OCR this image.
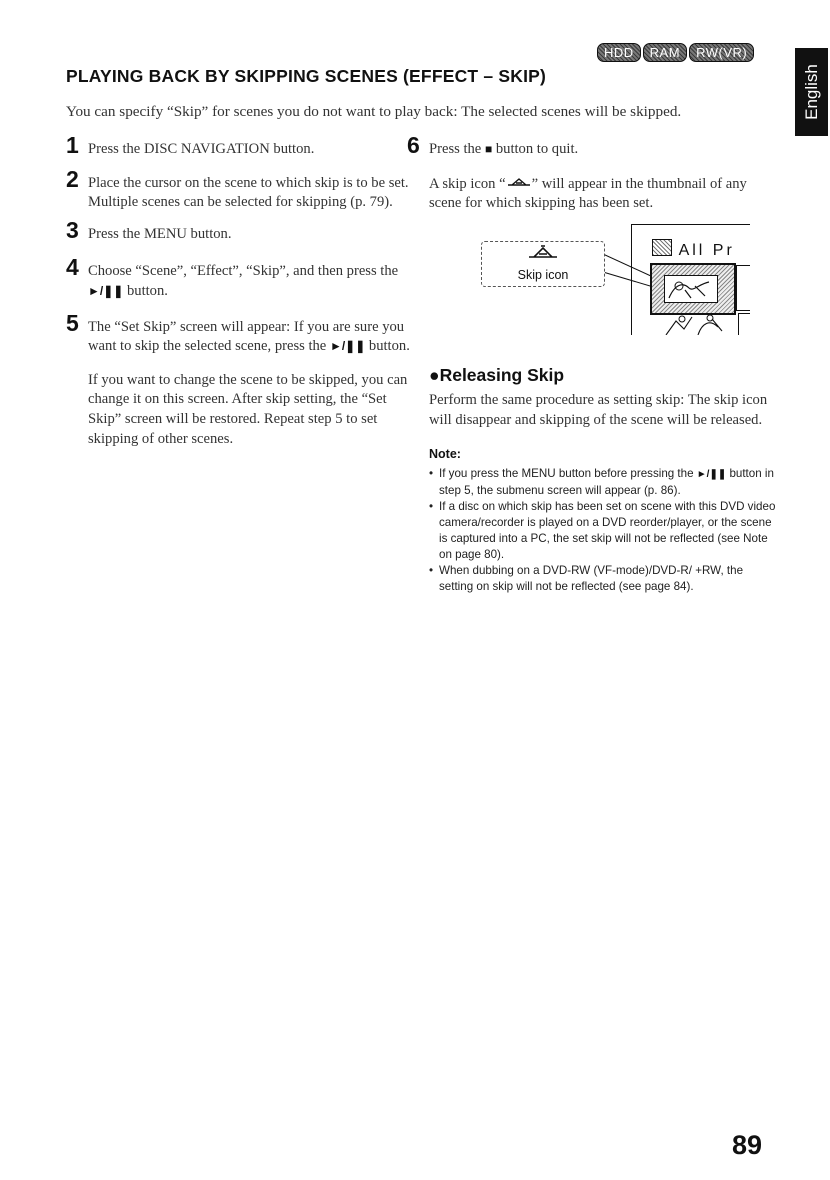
HDD	RAM	RW(VR)
English
PLAYING BACK BY SKIPPING SCENES (EFFECT – SKIP)

You can specify “Skip” for scenes you do not want to play back: The selected scenes will be skipped.

1 Press the DISC NAVIGATION button.

2 Place the cursor on the scene to which skip is to be set.

Multiple scenes can be selected for skipping (p. 79).

3 Press the MENU button.

4 Choose “Scene”, “Effect”, “Skip”, and then press the ►/❚❚ button.

5 The “Set Skip” screen will appear: If you are sure you want to skip the selected scene, press the ►/❚❚ button.

If you want to change the scene to be skipped, you can change it on this screen. After skip setting, the “Set Skip” screen will be restored. Repeat step 5 to set skipping of other scenes.

6 Press the ■ button to quit.

A skip icon “ ” will appear in the thumbnail of any scene for which skipping has been set.

Skip icon
All Pr
●Releasing Skip

Perform the same procedure as setting skip: The skip icon will disappear and skipping of the scene will be released.

Note:
• If you press the MENU button before pressing the ►/❚❚ button in step 5, the submenu screen will appear (p. 86).
• If a disc on which skip has been set on scene with this DVD video camera/recorder is played on a DVD reorder/player, or the scene is captured into a PC, the set skip will not be reflected (see Note on page 80).
• When dubbing on a DVD-RW (VF-mode)/DVD-R/ +RW, the setting on skip will not be reflected (see page 84).
89
